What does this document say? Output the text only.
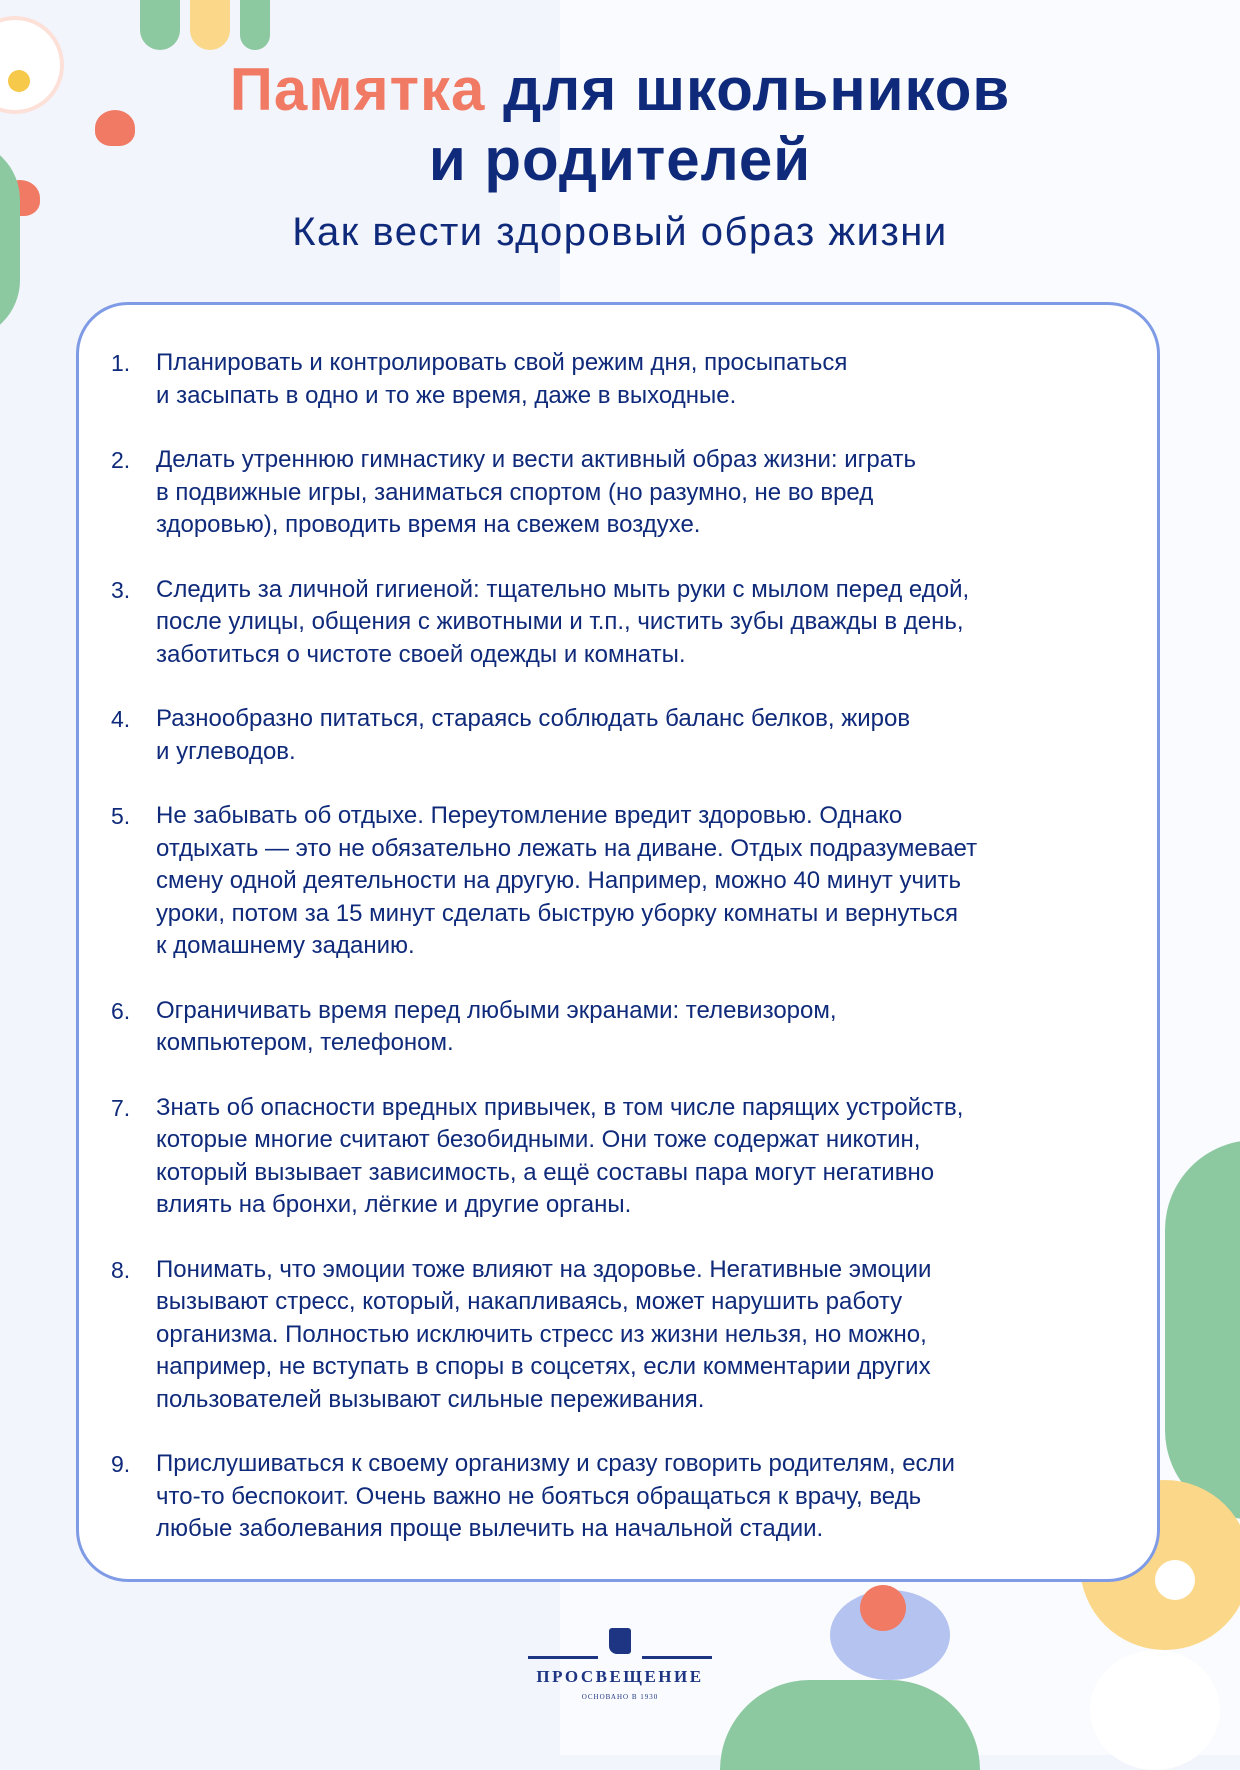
Памятка для школьников
и родителей
Как вести здоровый образ жизни
1.	Планировать и контролировать свой режим дня, просыпаться
и засыпать в одно и то же время, даже в выходные.
2.	Делать утреннюю гимнастику и вести активный образ жизни: играть
в подвижные игры, заниматься спортом (но разумно, не во вред
здоровью), проводить время на свежем воздухе.
3.	Следить за личной гигиеной: тщательно мыть руки с мылом перед едой,
после улицы, общения с животными и т.п., чистить зубы дважды в день,
заботиться о чистоте своей одежды и комнаты.
4.	Разнообразно питаться, стараясь соблюдать баланс белков, жиров
и углеводов.
5.	Не забывать об отдыхе. Переутомление вредит здоровью. Однако
отдыхать — это не обязательно лежать на диване. Отдых подразумевает
смену одной деятельности на другую. Например, можно 40 минут учить
уроки, потом за 15 минут сделать быструю уборку комнаты и вернуться
к домашнему заданию.
6.	Ограничивать время перед любыми экранами: телевизором,
компьютером, телефоном.
7.	Знать об опасности вредных привычек, в том числе парящих устройств,
которые многие считают безобидными. Они тоже содержат никотин,
который вызывает зависимость, а ещё составы пара могут негативно
влиять на бронхи, лёгкие и другие органы.
8.	Понимать, что эмоции тоже влияют на здоровье. Негативные эмоции
вызывают стресс, который, накапливаясь, может нарушить работу
организма. Полностью исключить стресс из жизни нельзя, но можно,
например, не вступать в споры в соцсетях, если комментарии других
пользователей вызывают сильные переживания.
9.	Прислушиваться к своему организму и сразу говорить родителям, если
что-то беспокоит. Очень важно не бояться обращаться к врачу, ведь
любые заболевания проще вылечить на начальной стадии.
ПРОСВЕЩЕНИЕ
ОСНОВАНО В 1930
